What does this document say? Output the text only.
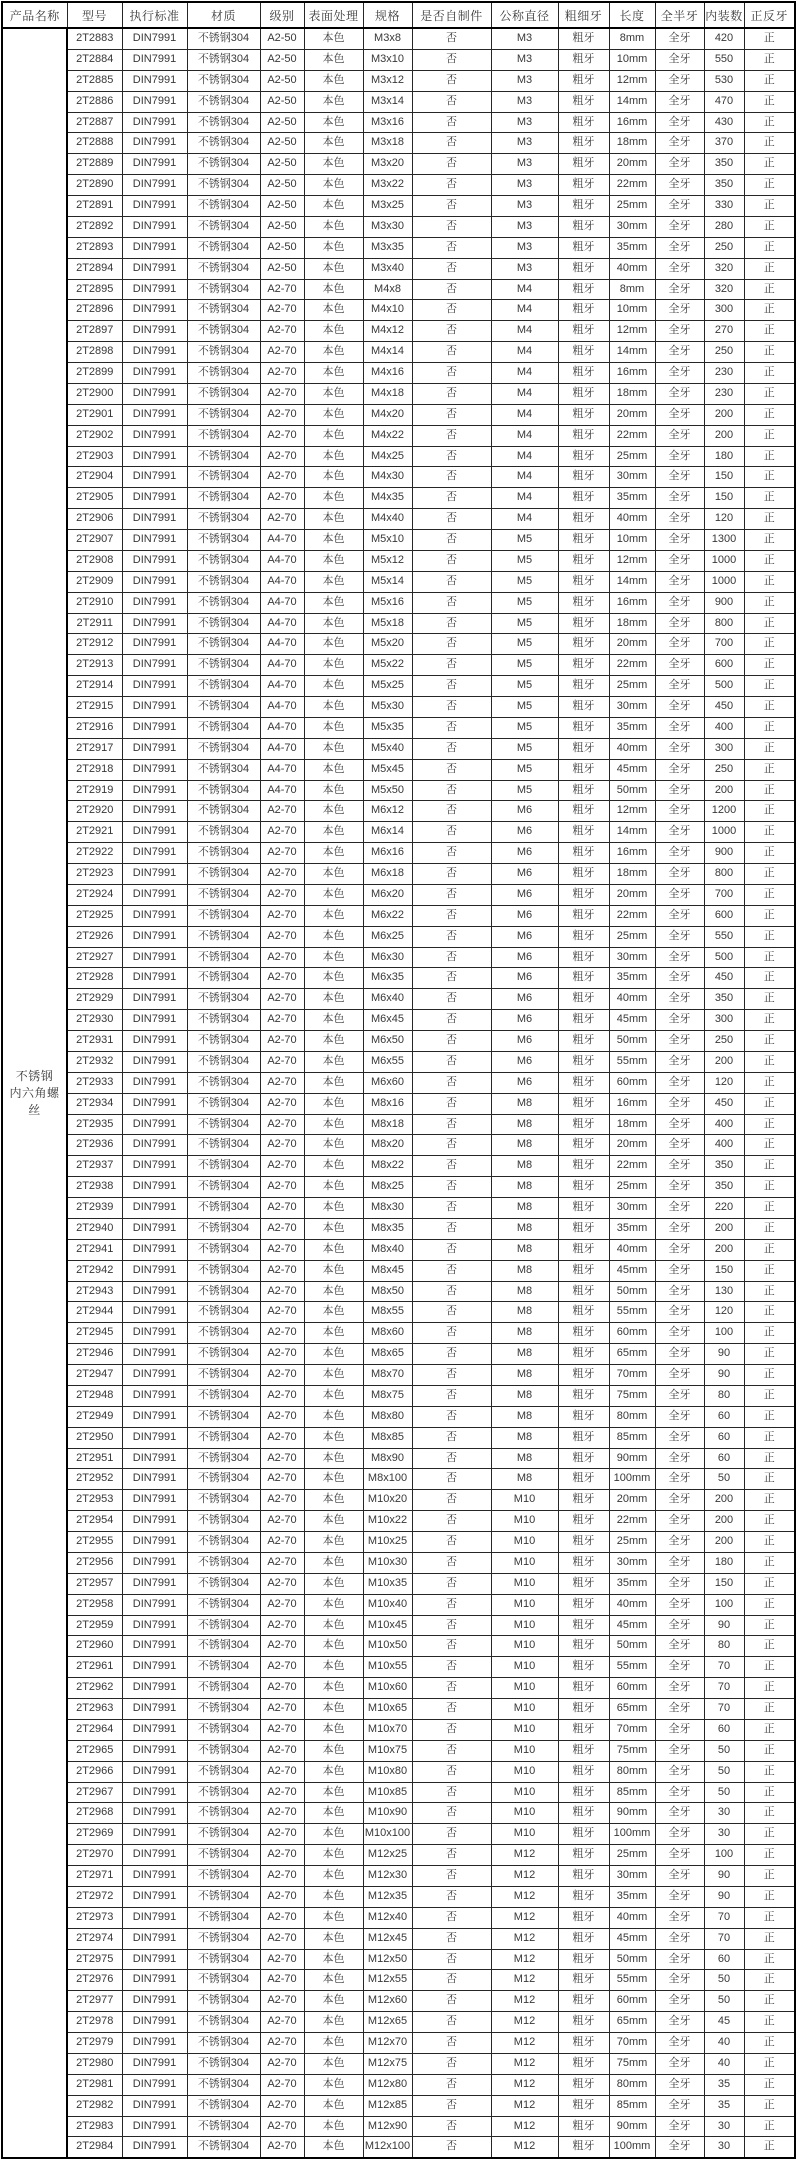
产品名称	型号	执行标准	材质	级别	表面处理	规格	是否自制件	公称直径	粗细牙	长度	全半牙	内装数	正反牙
不锈钢 内六角螺丝	2T2883	DIN7991	不锈钢304	A2-50	本色	M3x8	否	M3	粗牙	8mm	全牙	420	正
	2T2884	DIN7991	不锈钢304	A2-50	本色	M3x10	否	M3	粗牙	10mm	全牙	550	正
	2T2885	DIN7991	不锈钢304	A2-50	本色	M3x12	否	M3	粗牙	12mm	全牙	530	正
	2T2886	DIN7991	不锈钢304	A2-50	本色	M3x14	否	M3	粗牙	14mm	全牙	470	正
	2T2887	DIN7991	不锈钢304	A2-50	本色	M3x16	否	M3	粗牙	16mm	全牙	430	正
	2T2888	DIN7991	不锈钢304	A2-50	本色	M3x18	否	M3	粗牙	18mm	全牙	370	正
	2T2889	DIN7991	不锈钢304	A2-50	本色	M3x20	否	M3	粗牙	20mm	全牙	350	正
	2T2890	DIN7991	不锈钢304	A2-50	本色	M3x22	否	M3	粗牙	22mm	全牙	350	正
	2T2891	DIN7991	不锈钢304	A2-50	本色	M3x25	否	M3	粗牙	25mm	全牙	330	正
	2T2892	DIN7991	不锈钢304	A2-50	本色	M3x30	否	M3	粗牙	30mm	全牙	280	正
	2T2893	DIN7991	不锈钢304	A2-50	本色	M3x35	否	M3	粗牙	35mm	全牙	250	正
	2T2894	DIN7991	不锈钢304	A2-50	本色	M3x40	否	M3	粗牙	40mm	全牙	320	正
	2T2895	DIN7991	不锈钢304	A2-70	本色	M4x8	否	M4	粗牙	8mm	全牙	320	正
	2T2896	DIN7991	不锈钢304	A2-70	本色	M4x10	否	M4	粗牙	10mm	全牙	300	正
	2T2897	DIN7991	不锈钢304	A2-70	本色	M4x12	否	M4	粗牙	12mm	全牙	270	正
	2T2898	DIN7991	不锈钢304	A2-70	本色	M4x14	否	M4	粗牙	14mm	全牙	250	正
	2T2899	DIN7991	不锈钢304	A2-70	本色	M4x16	否	M4	粗牙	16mm	全牙	230	正
	2T2900	DIN7991	不锈钢304	A2-70	本色	M4x18	否	M4	粗牙	18mm	全牙	230	正
	2T2901	DIN7991	不锈钢304	A2-70	本色	M4x20	否	M4	粗牙	20mm	全牙	200	正
	2T2902	DIN7991	不锈钢304	A2-70	本色	M4x22	否	M4	粗牙	22mm	全牙	200	正
	2T2903	DIN7991	不锈钢304	A2-70	本色	M4x25	否	M4	粗牙	25mm	全牙	180	正
	2T2904	DIN7991	不锈钢304	A2-70	本色	M4x30	否	M4	粗牙	30mm	全牙	150	正
	2T2905	DIN7991	不锈钢304	A2-70	本色	M4x35	否	M4	粗牙	35mm	全牙	150	正
	2T2906	DIN7991	不锈钢304	A2-70	本色	M4x40	否	M4	粗牙	40mm	全牙	120	正
	2T2907	DIN7991	不锈钢304	A4-70	本色	M5x10	否	M5	粗牙	10mm	全牙	1300	正
	2T2908	DIN7991	不锈钢304	A4-70	本色	M5x12	否	M5	粗牙	12mm	全牙	1000	正
	2T2909	DIN7991	不锈钢304	A4-70	本色	M5x14	否	M5	粗牙	14mm	全牙	1000	正
	2T2910	DIN7991	不锈钢304	A4-70	本色	M5x16	否	M5	粗牙	16mm	全牙	900	正
	2T2911	DIN7991	不锈钢304	A4-70	本色	M5x18	否	M5	粗牙	18mm	全牙	800	正
	2T2912	DIN7991	不锈钢304	A4-70	本色	M5x20	否	M5	粗牙	20mm	全牙	700	正
	2T2913	DIN7991	不锈钢304	A4-70	本色	M5x22	否	M5	粗牙	22mm	全牙	600	正
	2T2914	DIN7991	不锈钢304	A4-70	本色	M5x25	否	M5	粗牙	25mm	全牙	500	正
	2T2915	DIN7991	不锈钢304	A4-70	本色	M5x30	否	M5	粗牙	30mm	全牙	450	正
	2T2916	DIN7991	不锈钢304	A4-70	本色	M5x35	否	M5	粗牙	35mm	全牙	400	正
	2T2917	DIN7991	不锈钢304	A4-70	本色	M5x40	否	M5	粗牙	40mm	全牙	300	正
	2T2918	DIN7991	不锈钢304	A4-70	本色	M5x45	否	M5	粗牙	45mm	全牙	250	正
	2T2919	DIN7991	不锈钢304	A4-70	本色	M5x50	否	M5	粗牙	50mm	全牙	200	正
	2T2920	DIN7991	不锈钢304	A2-70	本色	M6x12	否	M6	粗牙	12mm	全牙	1200	正
	2T2921	DIN7991	不锈钢304	A2-70	本色	M6x14	否	M6	粗牙	14mm	全牙	1000	正
	2T2922	DIN7991	不锈钢304	A2-70	本色	M6x16	否	M6	粗牙	16mm	全牙	900	正
	2T2923	DIN7991	不锈钢304	A2-70	本色	M6x18	否	M6	粗牙	18mm	全牙	800	正
	2T2924	DIN7991	不锈钢304	A2-70	本色	M6x20	否	M6	粗牙	20mm	全牙	700	正
	2T2925	DIN7991	不锈钢304	A2-70	本色	M6x22	否	M6	粗牙	22mm	全牙	600	正
	2T2926	DIN7991	不锈钢304	A2-70	本色	M6x25	否	M6	粗牙	25mm	全牙	550	正
	2T2927	DIN7991	不锈钢304	A2-70	本色	M6x30	否	M6	粗牙	30mm	全牙	500	正
	2T2928	DIN7991	不锈钢304	A2-70	本色	M6x35	否	M6	粗牙	35mm	全牙	450	正
	2T2929	DIN7991	不锈钢304	A2-70	本色	M6x40	否	M6	粗牙	40mm	全牙	350	正
	2T2930	DIN7991	不锈钢304	A2-70	本色	M6x45	否	M6	粗牙	45mm	全牙	300	正
	2T2931	DIN7991	不锈钢304	A2-70	本色	M6x50	否	M6	粗牙	50mm	全牙	250	正
	2T2932	DIN7991	不锈钢304	A2-70	本色	M6x55	否	M6	粗牙	55mm	全牙	200	正
	2T2933	DIN7991	不锈钢304	A2-70	本色	M6x60	否	M6	粗牙	60mm	全牙	120	正
	2T2934	DIN7991	不锈钢304	A2-70	本色	M8x16	否	M8	粗牙	16mm	全牙	450	正
	2T2935	DIN7991	不锈钢304	A2-70	本色	M8x18	否	M8	粗牙	18mm	全牙	400	正
	2T2936	DIN7991	不锈钢304	A2-70	本色	M8x20	否	M8	粗牙	20mm	全牙	400	正
	2T2937	DIN7991	不锈钢304	A2-70	本色	M8x22	否	M8	粗牙	22mm	全牙	350	正
	2T2938	DIN7991	不锈钢304	A2-70	本色	M8x25	否	M8	粗牙	25mm	全牙	350	正
	2T2939	DIN7991	不锈钢304	A2-70	本色	M8x30	否	M8	粗牙	30mm	全牙	220	正
	2T2940	DIN7991	不锈钢304	A2-70	本色	M8x35	否	M8	粗牙	35mm	全牙	200	正
	2T2941	DIN7991	不锈钢304	A2-70	本色	M8x40	否	M8	粗牙	40mm	全牙	200	正
	2T2942	DIN7991	不锈钢304	A2-70	本色	M8x45	否	M8	粗牙	45mm	全牙	150	正
	2T2943	DIN7991	不锈钢304	A2-70	本色	M8x50	否	M8	粗牙	50mm	全牙	130	正
	2T2944	DIN7991	不锈钢304	A2-70	本色	M8x55	否	M8	粗牙	55mm	全牙	120	正
	2T2945	DIN7991	不锈钢304	A2-70	本色	M8x60	否	M8	粗牙	60mm	全牙	100	正
	2T2946	DIN7991	不锈钢304	A2-70	本色	M8x65	否	M8	粗牙	65mm	全牙	90	正
	2T2947	DIN7991	不锈钢304	A2-70	本色	M8x70	否	M8	粗牙	70mm	全牙	90	正
	2T2948	DIN7991	不锈钢304	A2-70	本色	M8x75	否	M8	粗牙	75mm	全牙	80	正
	2T2949	DIN7991	不锈钢304	A2-70	本色	M8x80	否	M8	粗牙	80mm	全牙	60	正
	2T2950	DIN7991	不锈钢304	A2-70	本色	M8x85	否	M8	粗牙	85mm	全牙	60	正
	2T2951	DIN7991	不锈钢304	A2-70	本色	M8x90	否	M8	粗牙	90mm	全牙	60	正
	2T2952	DIN7991	不锈钢304	A2-70	本色	M8x100	否	M8	粗牙	100mm	全牙	50	正
	2T2953	DIN7991	不锈钢304	A2-70	本色	M10x20	否	M10	粗牙	20mm	全牙	200	正
	2T2954	DIN7991	不锈钢304	A2-70	本色	M10x22	否	M10	粗牙	22mm	全牙	200	正
	2T2955	DIN7991	不锈钢304	A2-70	本色	M10x25	否	M10	粗牙	25mm	全牙	200	正
	2T2956	DIN7991	不锈钢304	A2-70	本色	M10x30	否	M10	粗牙	30mm	全牙	180	正
	2T2957	DIN7991	不锈钢304	A2-70	本色	M10x35	否	M10	粗牙	35mm	全牙	150	正
	2T2958	DIN7991	不锈钢304	A2-70	本色	M10x40	否	M10	粗牙	40mm	全牙	100	正
	2T2959	DIN7991	不锈钢304	A2-70	本色	M10x45	否	M10	粗牙	45mm	全牙	90	正
	2T2960	DIN7991	不锈钢304	A2-70	本色	M10x50	否	M10	粗牙	50mm	全牙	80	正
	2T2961	DIN7991	不锈钢304	A2-70	本色	M10x55	否	M10	粗牙	55mm	全牙	70	正
	2T2962	DIN7991	不锈钢304	A2-70	本色	M10x60	否	M10	粗牙	60mm	全牙	70	正
	2T2963	DIN7991	不锈钢304	A2-70	本色	M10x65	否	M10	粗牙	65mm	全牙	70	正
	2T2964	DIN7991	不锈钢304	A2-70	本色	M10x70	否	M10	粗牙	70mm	全牙	60	正
	2T2965	DIN7991	不锈钢304	A2-70	本色	M10x75	否	M10	粗牙	75mm	全牙	50	正
	2T2966	DIN7991	不锈钢304	A2-70	本色	M10x80	否	M10	粗牙	80mm	全牙	50	正
	2T2967	DIN7991	不锈钢304	A2-70	本色	M10x85	否	M10	粗牙	85mm	全牙	50	正
	2T2968	DIN7991	不锈钢304	A2-70	本色	M10x90	否	M10	粗牙	90mm	全牙	30	正
	2T2969	DIN7991	不锈钢304	A2-70	本色	M10x100	否	M10	粗牙	100mm	全牙	30	正
	2T2970	DIN7991	不锈钢304	A2-70	本色	M12x25	否	M12	粗牙	25mm	全牙	100	正
	2T2971	DIN7991	不锈钢304	A2-70	本色	M12x30	否	M12	粗牙	30mm	全牙	90	正
	2T2972	DIN7991	不锈钢304	A2-70	本色	M12x35	否	M12	粗牙	35mm	全牙	90	正
	2T2973	DIN7991	不锈钢304	A2-70	本色	M12x40	否	M12	粗牙	40mm	全牙	70	正
	2T2974	DIN7991	不锈钢304	A2-70	本色	M12x45	否	M12	粗牙	45mm	全牙	70	正
	2T2975	DIN7991	不锈钢304	A2-70	本色	M12x50	否	M12	粗牙	50mm	全牙	60	正
	2T2976	DIN7991	不锈钢304	A2-70	本色	M12x55	否	M12	粗牙	55mm	全牙	50	正
	2T2977	DIN7991	不锈钢304	A2-70	本色	M12x60	否	M12	粗牙	60mm	全牙	50	正
	2T2978	DIN7991	不锈钢304	A2-70	本色	M12x65	否	M12	粗牙	65mm	全牙	45	正
	2T2979	DIN7991	不锈钢304	A2-70	本色	M12x70	否	M12	粗牙	70mm	全牙	40	正
	2T2980	DIN7991	不锈钢304	A2-70	本色	M12x75	否	M12	粗牙	75mm	全牙	40	正
	2T2981	DIN7991	不锈钢304	A2-70	本色	M12x80	否	M12	粗牙	80mm	全牙	35	正
	2T2982	DIN7991	不锈钢304	A2-70	本色	M12x85	否	M12	粗牙	85mm	全牙	35	正
	2T2983	DIN7991	不锈钢304	A2-70	本色	M12x90	否	M12	粗牙	90mm	全牙	30	正
	2T2984	DIN7991	不锈钢304	A2-70	本色	M12x100	否	M12	粗牙	100mm	全牙	30	正
